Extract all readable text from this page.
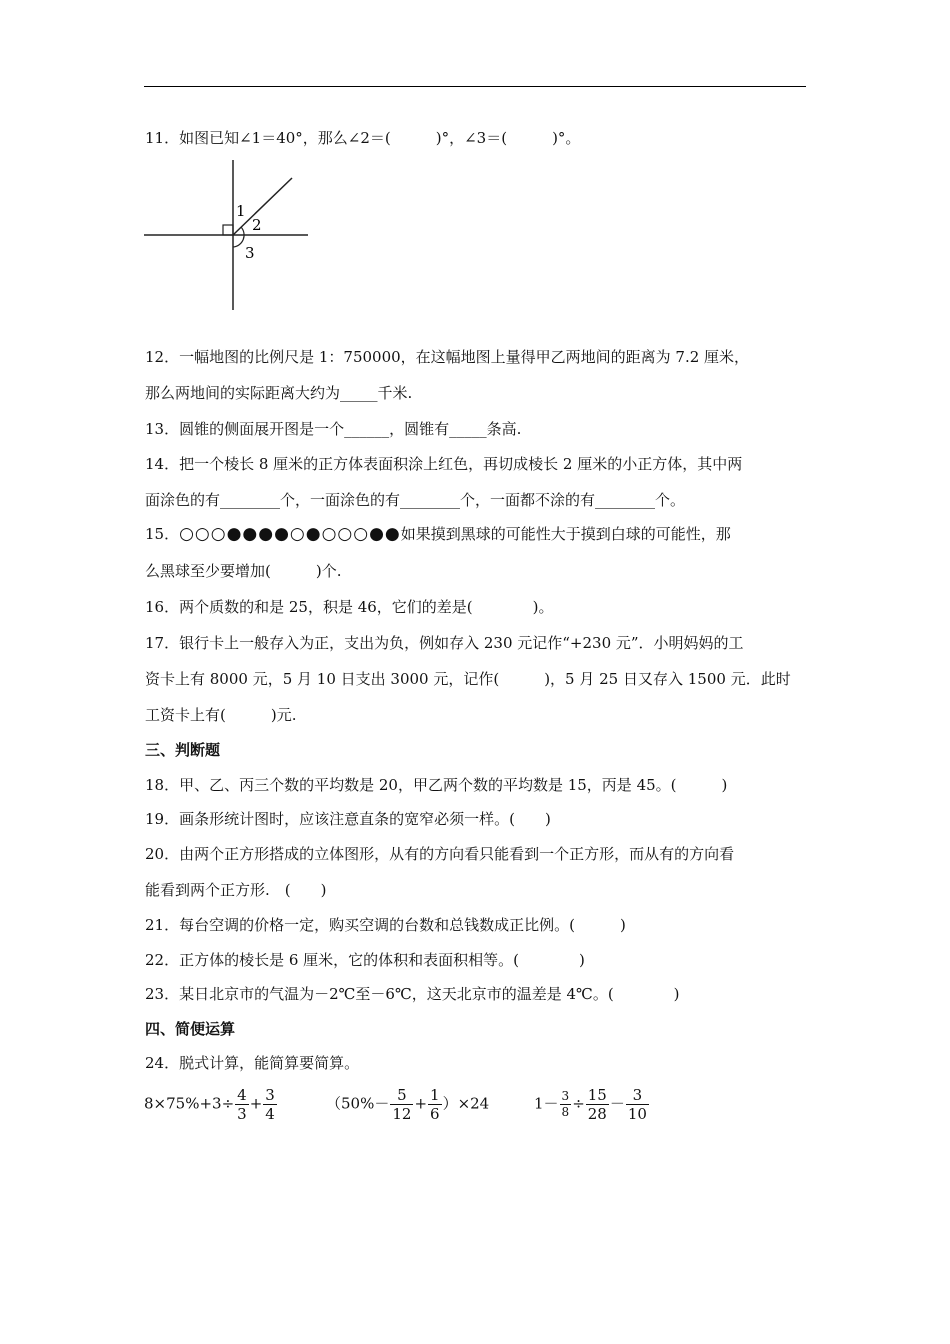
11．如图已知∠1＝40°，那么∠2＝(　　　)°，∠3＝(　　　)°。
1
2
3
12．一幅地图的比例尺是 1：750000，在这幅地图上量得甲乙两地间的距离为 7.2 厘米，
那么两地间的实际距离大约为_____千米.
13．圆锥的侧面展开图是一个______，圆锥有_____条高.
14．把一个棱长 8 厘米的正方体表面积涂上红色，再切成棱长 2 厘米的小正方体，其中两
面涂色的有________个，一面涂色的有________个，一面都不涂的有________个。
15．○○○●●●●○●○○○●●如果摸到黑球的可能性大于摸到白球的可能性，那
么黑球至少要增加(　　　)个.
16．两个质数的和是 25，积是 46，它们的差是(　　　　)。
17．银行卡上一般存入为正，支出为负，例如存入 230 元记作“+230 元”．小明妈妈的工
资卡上有 8000 元，5 月 10 日支出 3000 元，记作(　　　)，5 月 25 日又存入 1500 元．此时
工资卡上有(　　　)元.
三、判断题
18．甲、乙、丙三个数的平均数是 20，甲乙两个数的平均数是 15，丙是 45。(　　　)
19．画条形统计图时，应该注意直条的宽窄必须一样。(　　)
20．由两个正方形搭成的立体图形，从有的方向看只能看到一个正方形，而从有的方向看
能看到两个正方形.　(　　)
21．每台空调的价格一定，购买空调的台数和总钱数成正比例。(　　　)
22．正方体的棱长是 6 厘米，它的体积和表面积相等。(　　　　)
23．某日北京市的气温为－2℃至－6℃，这天北京市的温差是 4℃。(　　　　)
四、简便运算
24．脱式计算，能简算要简算。
$8\times 75\%+3\div \frac{4}{3} + \frac{3}{4}$	$(50\%- \frac{5}{12} + \frac{1}{6} )\times 24$	$1- \frac{3}{8} \div \frac{15}{28} - \frac{3}{10}$
